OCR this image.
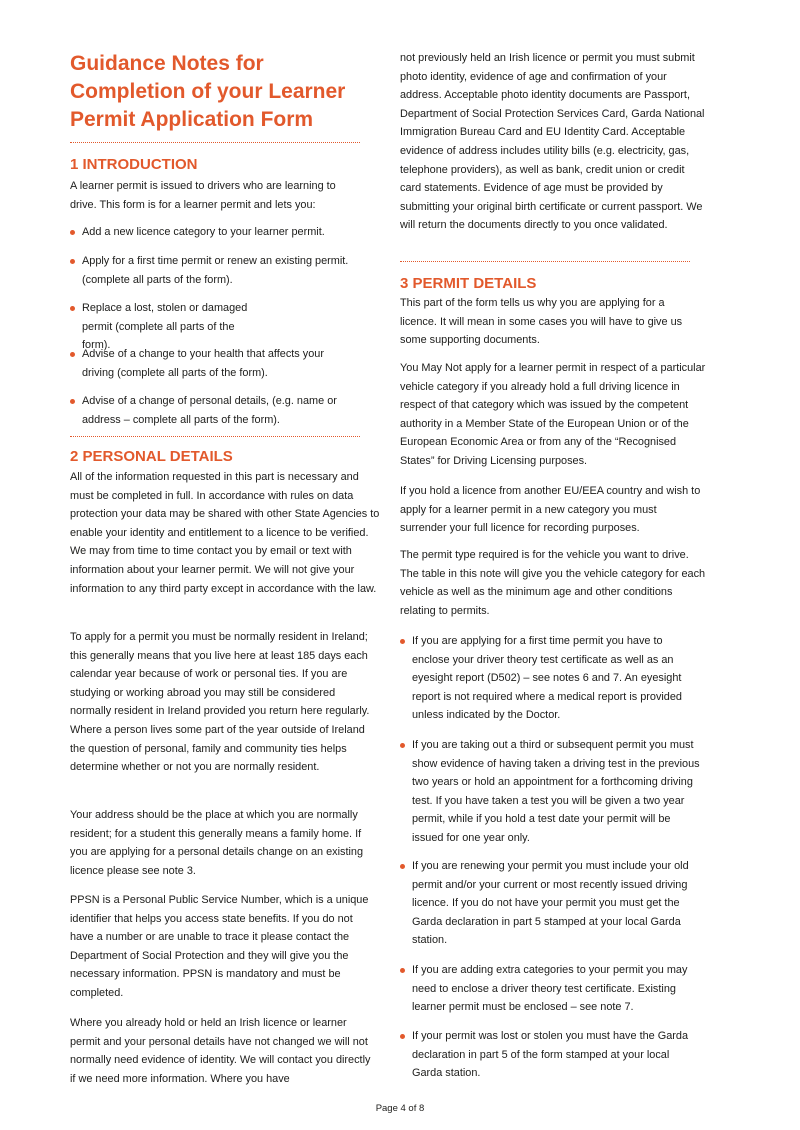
Guidance Notes for Completion of your Learner Permit Application Form
1 INTRODUCTION

A learner permit is issued to drivers who are learning to drive. This form is for a learner permit and lets you:

Add a new licence category to your learner permit.
Apply for a first time permit or renew an existing permit. (complete all parts of the form).
Replace a lost, stolen or damaged permit (complete all parts of the form).
Advise of a change to your health that affects your driving (complete all parts of the form).
Advise of a change of personal details, (e.g. name or address – complete all parts of the form).
2 PERSONAL DETAILS

All of the information requested in this part is necessary and must be completed in full. In accordance with rules on data protection your data may be shared with other State Agencies to enable your identity and entitlement to a licence to be verified. We may from time to time contact you by email or text with information about your learner permit. We will not give your information to any third party except in accordance with the law.

To apply for a permit you must be normally resident in Ireland; this generally means that you live here at least 185 days each calendar year because of work or personal ties. If you are studying or working abroad you may still be considered normally resident in Ireland provided you return here regularly. Where a person lives some part of the year outside of Ireland the question of personal, family and community ties helps determine whether or not you are normally resident.

Your address should be the place at which you are normally resident; for a student this generally means a family home. If you are applying for a personal details change on an existing licence please see note 3.

PPSN is a Personal Public Service Number, which is a unique identifier that helps you access state benefits. If you do not have a number or are unable to trace it please contact the Department of Social Protection and they will give you the necessary information. PPSN is mandatory and must be completed.

Where you already hold or held an Irish licence or learner permit and your personal details have not changed we will not normally need evidence of identity. We will contact you directly if we need more information. Where you have

not previously held an Irish licence or permit you must submit photo identity, evidence of age and confirmation of your address. Acceptable photo identity documents are Passport, Department of Social Protection Services Card, Garda National Immigration Bureau Card and EU Identity Card. Acceptable evidence of address includes utility bills (e.g. electricity, gas, telephone providers), as well as bank, credit union or credit card statements. Evidence of age must be provided by submitting your original birth certificate or current passport. We will return the documents directly to you once validated.

3 PERMIT DETAILS

This part of the form tells us why you are applying for a licence. It will mean in some cases you will have to give us some supporting documents.

You May Not apply for a learner permit in respect of a particular vehicle category if you already hold a full driving licence in respect of that category which was issued by the competent authority in a Member State of the European Union or of the European Economic Area or from any of the “Recognised States” for Driving Licensing purposes.

If you hold a licence from another EU/EEA country and wish to apply for a learner permit in a new category you must surrender your full licence for recording purposes.

The permit type required is for the vehicle you want to drive. The table in this note will give you the vehicle category for each vehicle as well as the minimum age and other conditions relating to permits.

If you are applying for a first time permit you have to enclose your driver theory test certificate as well as an eyesight report (D502) – see notes 6 and 7. An eyesight report is not required where a medical report is provided unless indicated by the Doctor.
If you are taking out a third or subsequent permit you must show evidence of having taken a driving test in the previous two years or hold an appointment for a forthcoming driving test. If you have taken a test you will be given a two year permit, while if you hold a test date your permit will be issued for one year only.
If you are renewing your permit you must include your old permit and/or your current or most recently issued driving licence. If you do not have your permit you must get the Garda declaration in part 5 stamped at your local Garda station.
If you are adding extra categories to your permit you may need to enclose a driver theory test certificate. Existing learner permit must be enclosed – see note 7.
If your permit was lost or stolen you must have the Garda declaration in part 5 of the form stamped at your local Garda station.
Page 4 of 8
